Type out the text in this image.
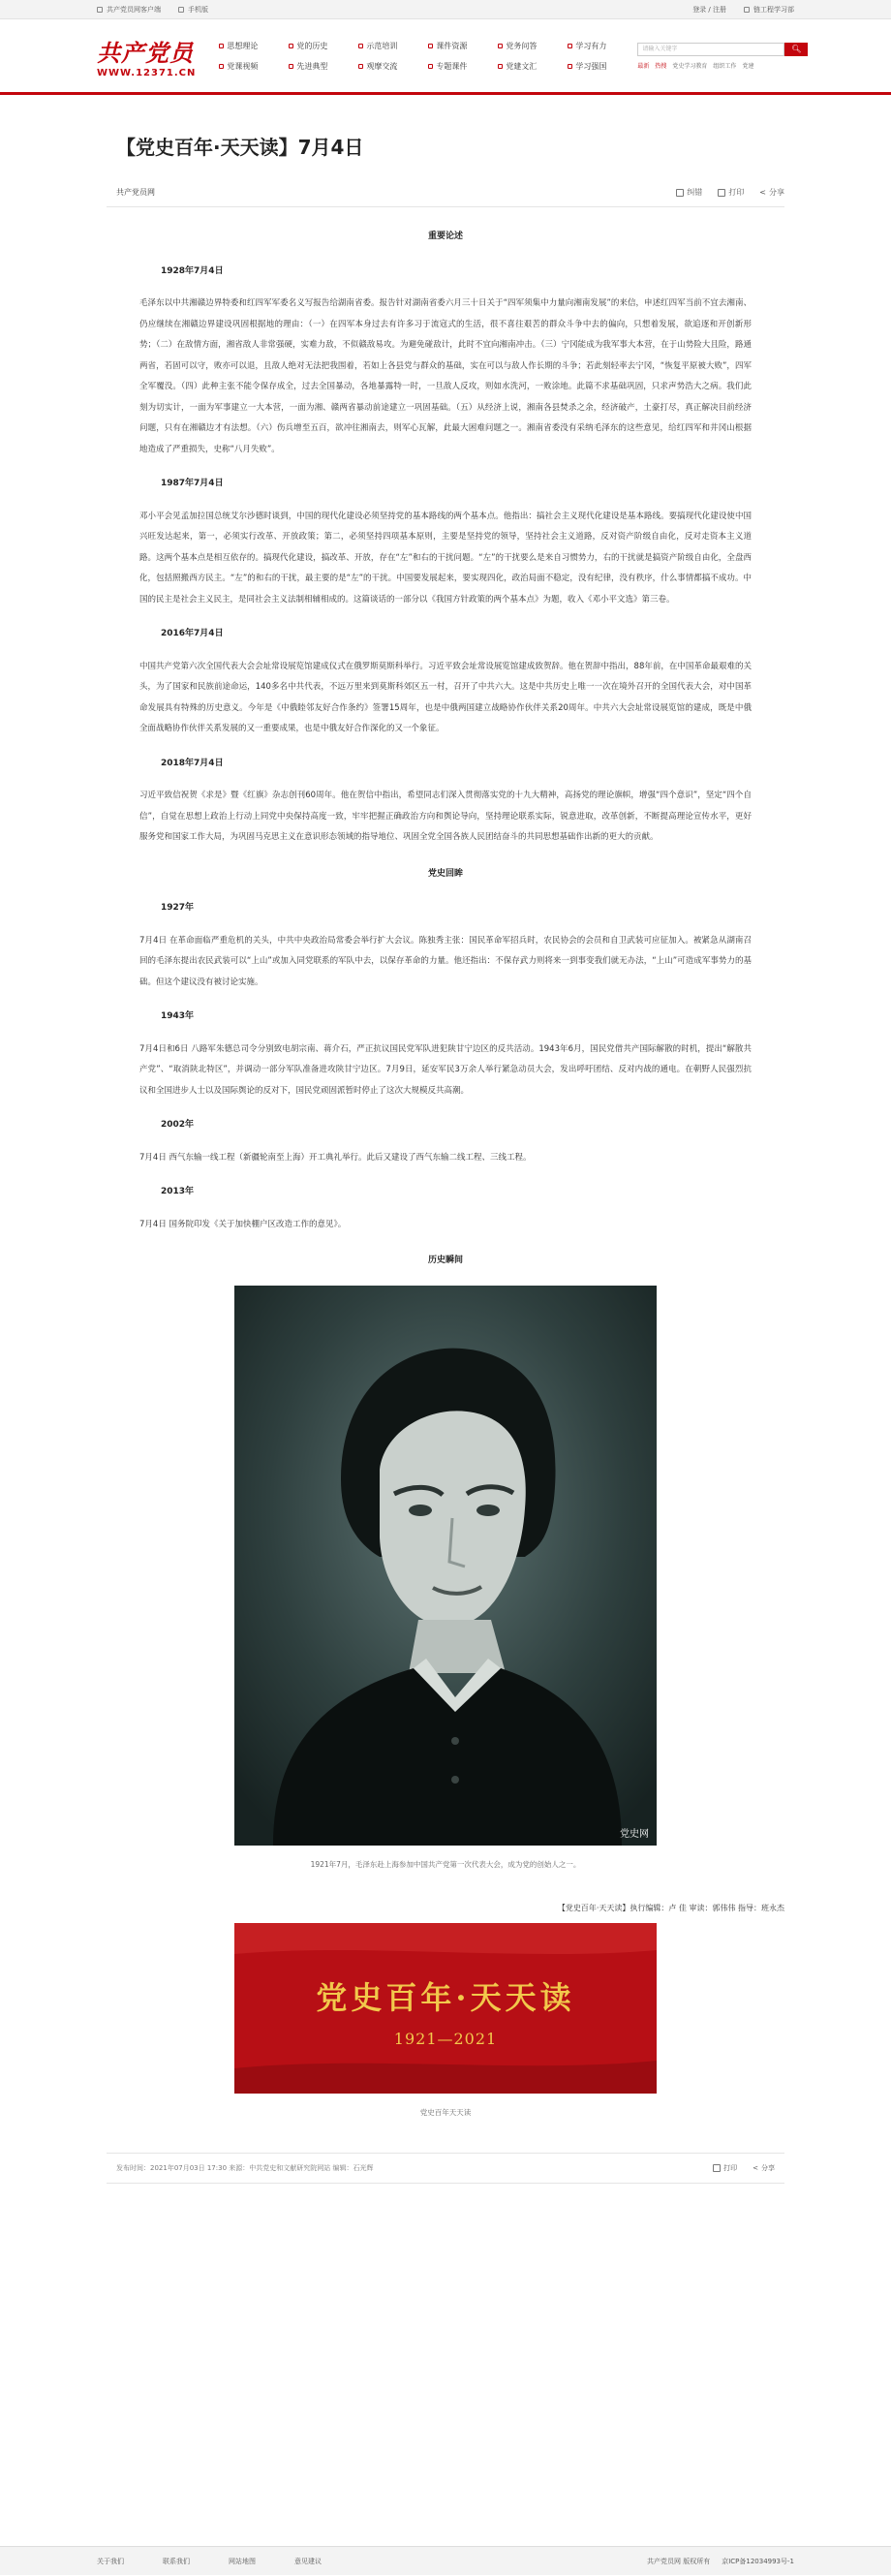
共产党员网客户端	手机版	登录 / 注册	链工程学习部
共产党员
WWW.12371.CN
思想理论	党的历史	示范培训	课件资源	党务问答	学习有力
党课视频	先进典型	观摩交流	专题课件	党建文汇	学习强国
请输入关键字	🔍︎
最新 热搜 党史学习教育 组织工作 党建
【党史百年·天天读】7月4日
共产党员网	纠错	打印 < 分享
重要论述
1928年7月4日

毛泽东以中共湘赣边界特委和红四军军委名义写报告给湖南省委。报告针对湖南省委六月三十日关于“四军须集中力量向湘南发展”的来信，申述红四军当前不宜去湘南、仍应继续在湘赣边界建设巩固根据地的理由：（一）在四军本身过去有许多习于流寇式的生活，很不喜往艰苦的群众斗争中去的偏向，只想着发展，欲追逐和开创新形势；（二）在敌情方面，湘省敌人非常强硬，实难力敌，不似赣敌易攻。为避免碰敌计，此时不宜向湘南冲击。（三）宁冈能成为我军事大本营，在于山势险大且险，路通两省，若固可以守，败亦可以退，且敌人绝对无法把我围着，若如上各县党与群众的基础，实在可以与敌人作长期的斗争；若此刻轻率去宁冈，“恢复平原被大败”，四军全军覆没。（四）此种主张不能令保存成全，过去全国暴动，各地暴露特一时，一旦敌人反攻，则如水洗河，一败涂地。此篇不求基础巩固，只求声势浩大之病。我们此刻为切实计，一面为军事建立一大本营，一面为湘、赣两省暴动前途建立一巩固基础。（五）从经济上说，湘南各县焚杀之余，经济破产，土豪打尽，真正解决目前经济问题，只有在湘赣边才有法想。（六）伤兵增至五百，欲冲往湘南去，则军心瓦解，此最大困难问题之一。湘南省委没有采纳毛泽东的这些意见，给红四军和井冈山根据地造成了严重损失，史称“八月失败”。

1987年7月4日

邓小平会见孟加拉国总统艾尔沙德时谈到，中国的现代化建设必须坚持党的基本路线的两个基本点。他指出：搞社会主义现代化建设是基本路线。要搞现代化建设使中国兴旺发达起来，第一，必须实行改革、开放政策；第二，必须坚持四项基本原则，主要是坚持党的领导，坚持社会主义道路，反对资产阶级自由化，反对走资本主义道路。这两个基本点是相互依存的。搞现代化建设，搞改革、开放，存在“左”和右的干扰问题。“左”的干扰要么是来自习惯势力，右的干扰就是搞资产阶级自由化，全盘西化，包括照搬西方民主。“左”的和右的干扰，最主要的是“左”的干扰。中国要发展起来，要实现四化，政治局面不稳定，没有纪律，没有秩序，什么事情都搞不成功。中国的民主是社会主义民主，是同社会主义法制相辅相成的。这篇谈话的一部分以《我国方针政策的两个基本点》为题，收入《邓小平文选》第三卷。

2016年7月4日

中国共产党第六次全国代表大会会址常设展览馆建成仪式在俄罗斯莫斯科举行。习近平致会址常设展览馆建成致贺辞。他在贺辞中指出，88年前，在中国革命最艰难的关头，为了国家和民族前途命运，140多名中共代表，不远万里来到莫斯科郊区五一村，召开了中共六大。这是中共历史上唯一一次在境外召开的全国代表大会，对中国革命发展具有特殊的历史意义。今年是《中俄睦邻友好合作条约》签署15周年，也是中俄两国建立战略协作伙伴关系20周年。中共六大会址常设展览馆的建成，既是中俄全面战略协作伙伴关系发展的又一重要成果，也是中俄友好合作深化的又一个象征。

2018年7月4日

习近平致信祝贺《求是》暨《红旗》杂志创刊60周年。他在贺信中指出，希望同志们深入贯彻落实党的十九大精神，高扬党的理论旗帜，增强“四个意识”，坚定“四个自信”，自觉在思想上政治上行动上同党中央保持高度一致，牢牢把握正确政治方向和舆论导向，坚持理论联系实际，锐意进取，改革创新，不断提高理论宣传水平，更好服务党和国家工作大局，为巩固马克思主义在意识形态领域的指导地位、巩固全党全国各族人民团结奋斗的共同思想基础作出新的更大的贡献。

党史回眸
1927年

7月4日 在革命面临严重危机的关头，中共中央政治局常委会举行扩大会议。陈独秀主张：国民革命军招兵时，农民协会的会员和自卫武装可应征加入。被紧急从湖南召回的毛泽东提出农民武装可以“上山”或加入同党联系的军队中去，以保存革命的力量。他还指出：不保存武力则将来一到事变我们就无办法，“上山”可造成军事势力的基础。但这个建议没有被讨论实施。

1943年

7月4日和6日 八路军朱德总司令分别致电胡宗南、蒋介石，严正抗议国民党军队进犯陕甘宁边区的反共活动。1943年6月，国民党借共产国际解散的时机，提出“解散共产党”、“取消陕北特区”，并调动一部分军队准备进攻陕甘宁边区。7月9日，延安军民3万余人举行紧急动员大会，发出呼吁团结、反对内战的通电。在朝野人民强烈抗议和全国进步人士以及国际舆论的反对下，国民党顽固派暂时停止了这次大规模反共高潮。

2002年

7月4日 西气东输一线工程（新疆轮南至上海）开工典礼举行。此后又建设了西气东输二线工程、三线工程。

2013年

7月4日 国务院印发《关于加快棚户区改造工作的意见》。

历史瞬间
党史网
1921年7月，毛泽东赴上海参加中国共产党第一次代表大会，成为党的创始人之一。
【党史百年·天天读】执行编辑：卢 佳 审读：郭伟伟 指导：班永杰
党史百年·天天读
1921—2021
党史百年天天读
发布时间：2021年07月03日 17:30 来源：中共党史和文献研究院网站 编辑：石光辉	打印 < 分享
关于我们	联系我们	网站地图	意见建议	共产党员网 版权所有 京ICP备12034993号-1
